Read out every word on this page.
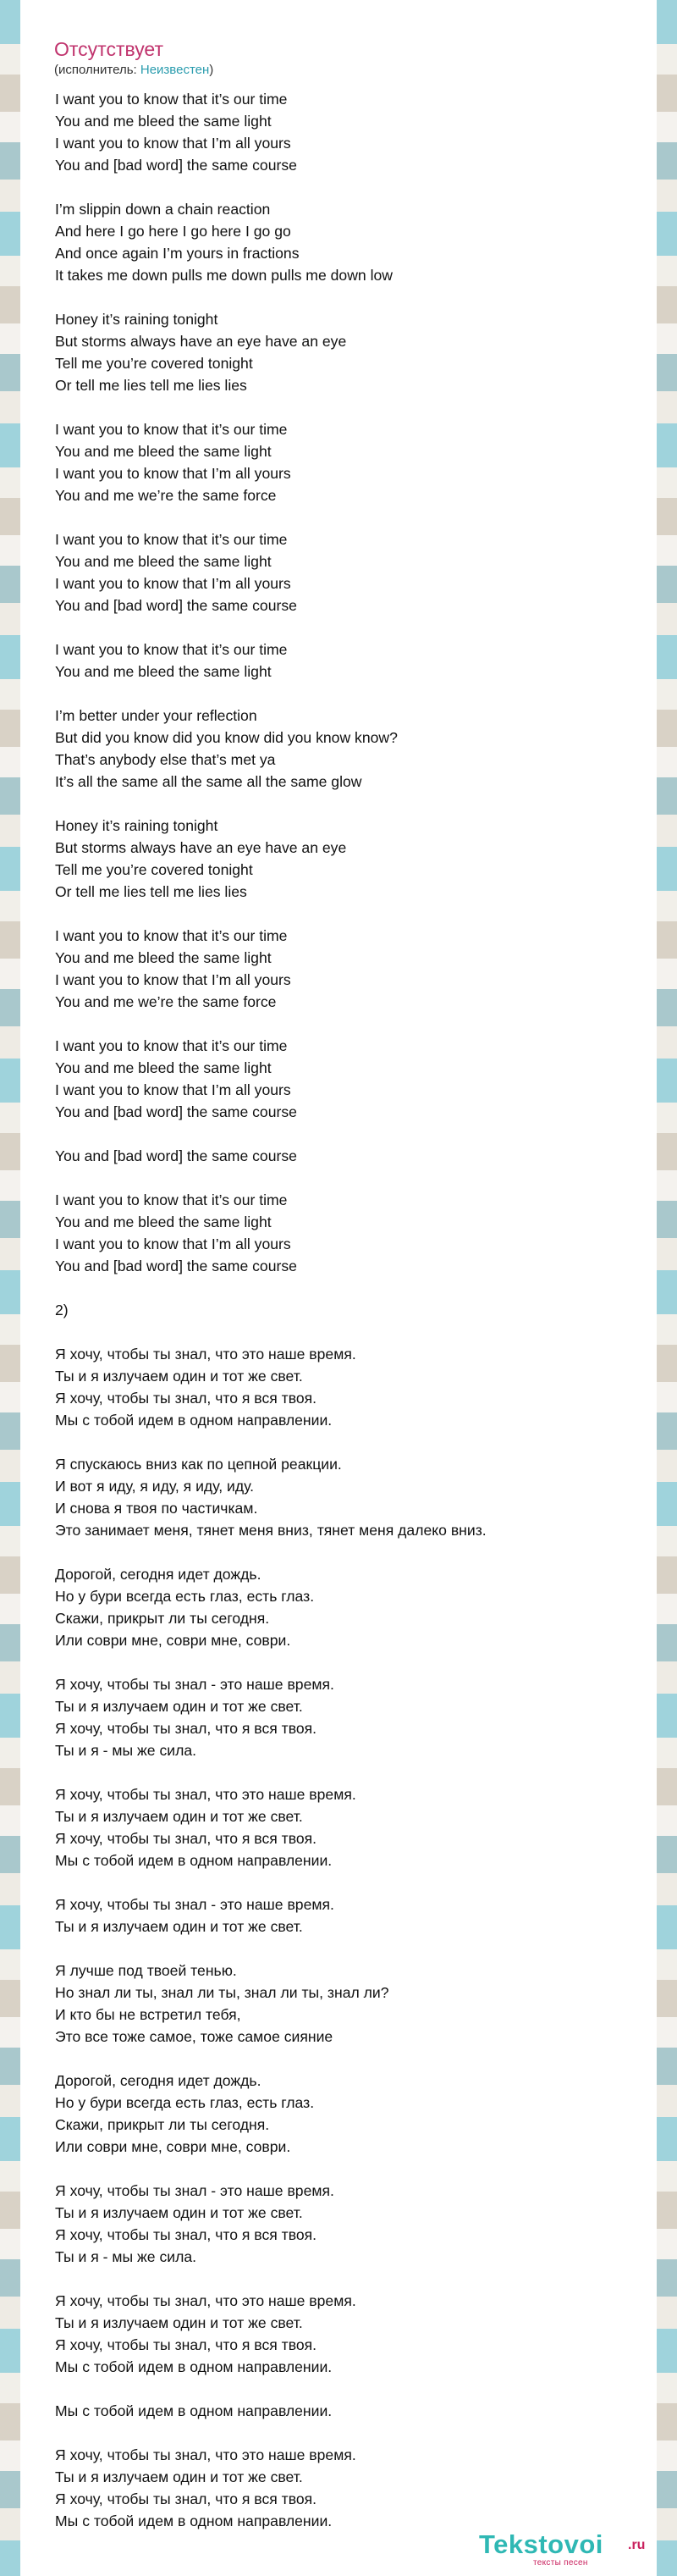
Отсутствует
(исполнитель: Неизвестен)
I want you to know that it’s our time
You and me bleed the same light
I want you to know that I’m all yours
You and [bad word] the same course

I’m slippin down a chain reaction
And here I go here I go here I go go
And once again I’m yours in fractions
It takes me down pulls me down pulls me down low

Honey it’s raining tonight
But storms always have an eye have an eye
Tell me you’re covered tonight
Or tell me lies tell me lies lies

I want you to know that it’s our time
You and me bleed the same light
I want you to know that I’m all yours
You and me we’re the same force

I want you to know that it’s our time
You and me bleed the same light
I want you to know that I’m all yours
You and [bad word] the same course

I want you to know that it’s our time
You and me bleed the same light

I’m better under your reflection
But did you know did you know did you know know?
That’s anybody else that’s met ya
It’s all the same all the same all the same glow

Honey it’s raining tonight
But storms always have an eye have an eye
Tell me you’re covered tonight
Or tell me lies tell me lies lies

I want you to know that it’s our time
You and me bleed the same light
I want you to know that I’m all yours
You and me we’re the same force

I want you to know that it’s our time
You and me bleed the same light
I want you to know that I’m all yours
You and [bad word] the same course

You and [bad word] the same course

I want you to know that it’s our time
You and me bleed the same light
I want you to know that I’m all yours
You and [bad word] the same course

2)

Я хочу, чтобы ты знал, что это наше время.
Ты и я излучаем один и тот же свет.
Я хочу, чтобы ты знал, что я вся твоя.
Мы с тобой идем в одном направлении.

Я спускаюсь вниз как по цепной реакции.
И вот я иду, я иду, я иду, иду.
И снова я твоя по частичкам.
Это занимает меня, тянет меня вниз, тянет меня далеко вниз.

Дорогой, сегодня идет дождь.
Но у бури всегда есть глаз, есть глаз.
Скажи, прикрыт ли ты сегодня.
Или соври мне, соври мне, соври.

Я хочу, чтобы ты знал - это наше время.
Ты и я излучаем один и тот же свет.
Я хочу, чтобы ты знал, что я вся твоя.
Ты и я - мы же сила.

Я хочу, чтобы ты знал, что это наше время.
Ты и я излучаем один и тот же свет.
Я хочу, чтобы ты знал, что я вся твоя.
Мы с тобой идем в одном направлении.

Я хочу, чтобы ты знал - это наше время.
Ты и я излучаем один и тот же свет.

Я лучше под твоей тенью.
Но знал ли ты, знал ли ты, знал ли ты, знал ли?
И кто бы не встретил тебя,
Это все тоже самое, тоже самое сияние

Дорогой, сегодня идет дождь.
Но у бури всегда есть глаз, есть глаз.
Скажи, прикрыт ли ты сегодня.
Или соври мне, соври мне, соври.

Я хочу, чтобы ты знал - это наше время.
Ты и я излучаем один и тот же свет.
Я хочу, чтобы ты знал, что я вся твоя.
Ты и я - мы же сила.

Я хочу, чтобы ты знал, что это наше время.
Ты и я излучаем один и тот же свет.
Я хочу, чтобы ты знал, что я вся твоя.
Мы с тобой идем в одном направлении.

Мы с тобой идем в одном направлении.

Я хочу, чтобы ты знал, что это наше время.
Ты и я излучаем один и тот же свет.
Я хочу, чтобы ты знал, что я вся твоя.
Мы с тобой идем в одном направлении.
Tekstovoi .ru
тексты песен
